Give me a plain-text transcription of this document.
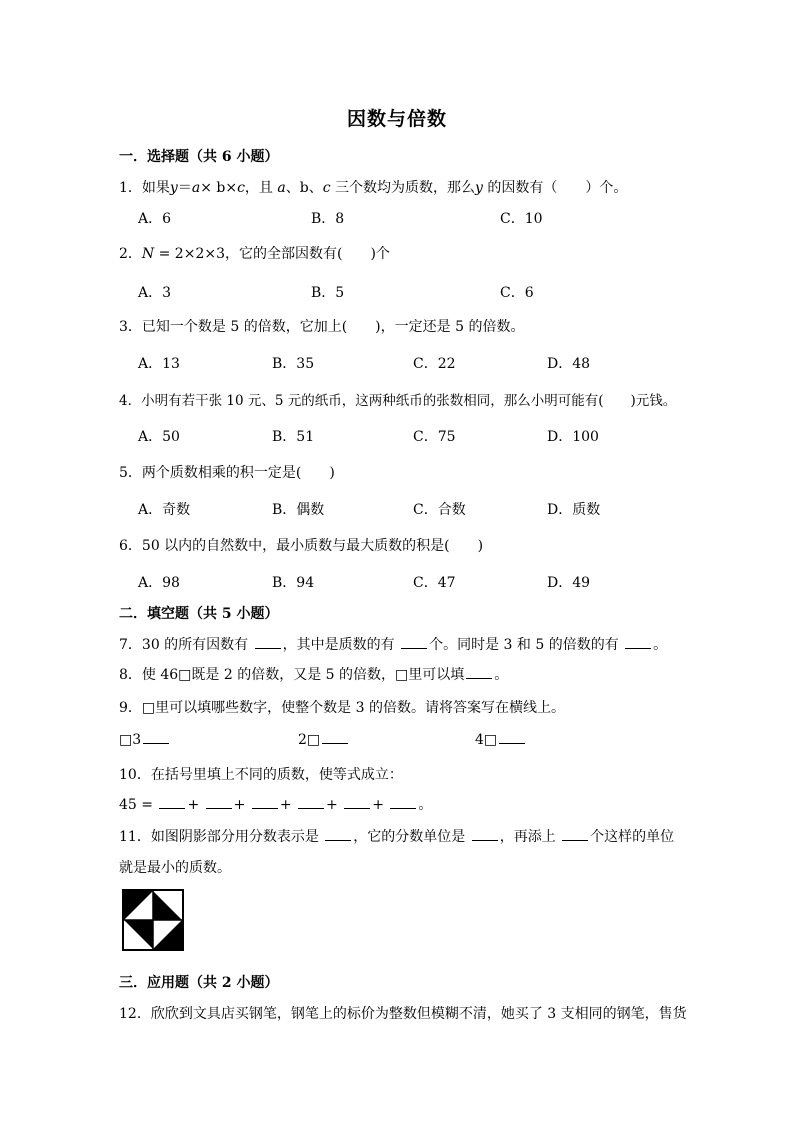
因数与倍数
一．选择题（共 6 小题）
1．如果y＝a× b×c，且 a、b、c 三个数均为质数，那么y 的因数有（　　）个。
A．6	B．8	C．10
2．N = 2×2×3，它的全部因数有(　　)个
A．3	B．5	C．6
3．已知一个数是 5 的倍数，它加上(　　)，一定还是 5 的倍数。
A．13	B．35	C．22	D．48
4．小明有若干张 10 元、5 元的纸币，这两种纸币的张数相同，那么小明可能有(　　)元钱。
A．50	B．51	C．75	D．100
5．两个质数相乘的积一定是(　　)
A．奇数	B．偶数	C．合数	D．质数
6．50 以内的自然数中，最小质数与最大质数的积是(　　)
A．98	B．94	C．47	D．49
二．填空题（共 5 小题）
7．30 的所有因数有 ，其中是质数的有 个。同时是 3 和 5 的倍数的有 。
8．使 46□既是 2 的倍数，又是 5 的倍数，□里可以填 。
9．□里可以填哪些数字，使整个数是 3 的倍数。请将答案写在横线上。
□3	2□	4□
10．在括号里填上不同的质数，使等式成立：
45 = + + + + + 。
11．如图阴影部分用分数表示是 ，它的分数单位是 ，再添上 个这样的单位
就是最小的质数。
三．应用题（共 2 小题）
12．欣欣到文具店买钢笔，钢笔上的标价为整数但模糊不清，她买了 3 支相同的钢笔，售货
